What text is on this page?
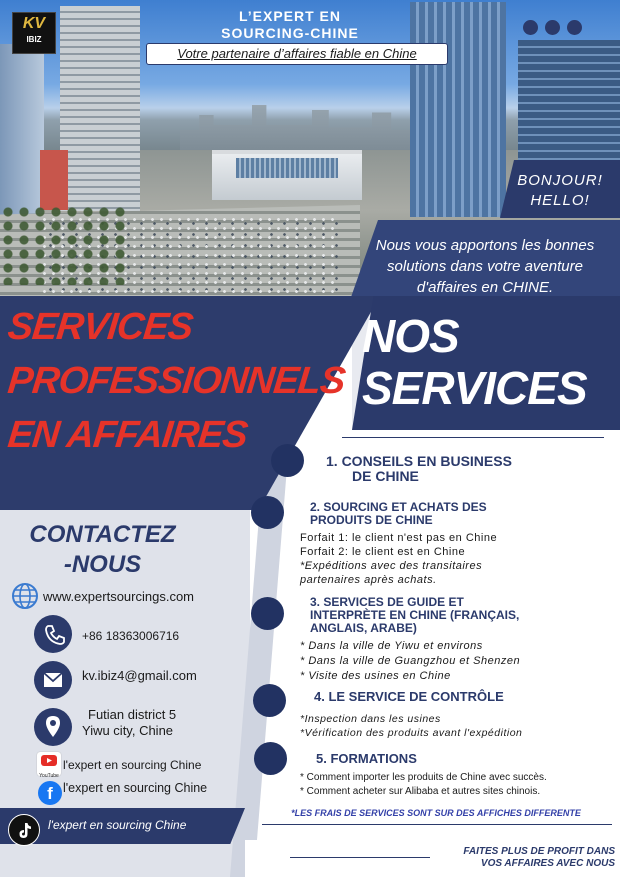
KV
IBIZ
L’EXPERT EN
SOURCING-CHINE
Votre partenaire d’affaires fiable en Chine
BONJOUR!
HELLO!
Nous vous apportons les bonnes
solutions dans votre aventure
d'affaires en CHINE.
SERVICES
PROFESSIONNELS
EN AFFAIRES
NOS
SERVICES
1. CONSEILS EN BUSINESS
DE CHINE
2. SOURCING ET ACHATS DES
PRODUITS DE CHINE
Forfait 1: le client n'est pas en Chine
Forfait 2: le client est en Chine
*Expéditions avec des transitaires
partenaires après achats.
3. SERVICES DE GUIDE ET
INTERPRÈTE EN CHINE (FRANÇAIS,
ANGLAIS, ARABE)
* Dans la ville de Yiwu et environs
* Dans la ville de Guangzhou et Shenzen
* Visite des usines en Chine
4. LE SERVICE DE CONTRÔLE
*Inspection dans les usines
*Vérification des produits avant l'expédition
5. FORMATIONS
* Comment importer les produits de Chine avec succès.
* Comment acheter sur Alibaba et autres sites chinois.
CONTACTEZ
-NOUS
www.expertsourcings.com
+86 18363006716
kv.ibiz4@gmail.com
Futian district 5
Yiwu city, Chine
YouTube
l'expert en sourcing Chine
f l'expert en sourcing Chine
l'expert en sourcing Chine
*LES FRAIS DE SERVICES SONT SUR DES AFFICHES DIFFERENTE
FAITES PLUS DE PROFIT DANS
VOS AFFAIRES AVEC NOUS
